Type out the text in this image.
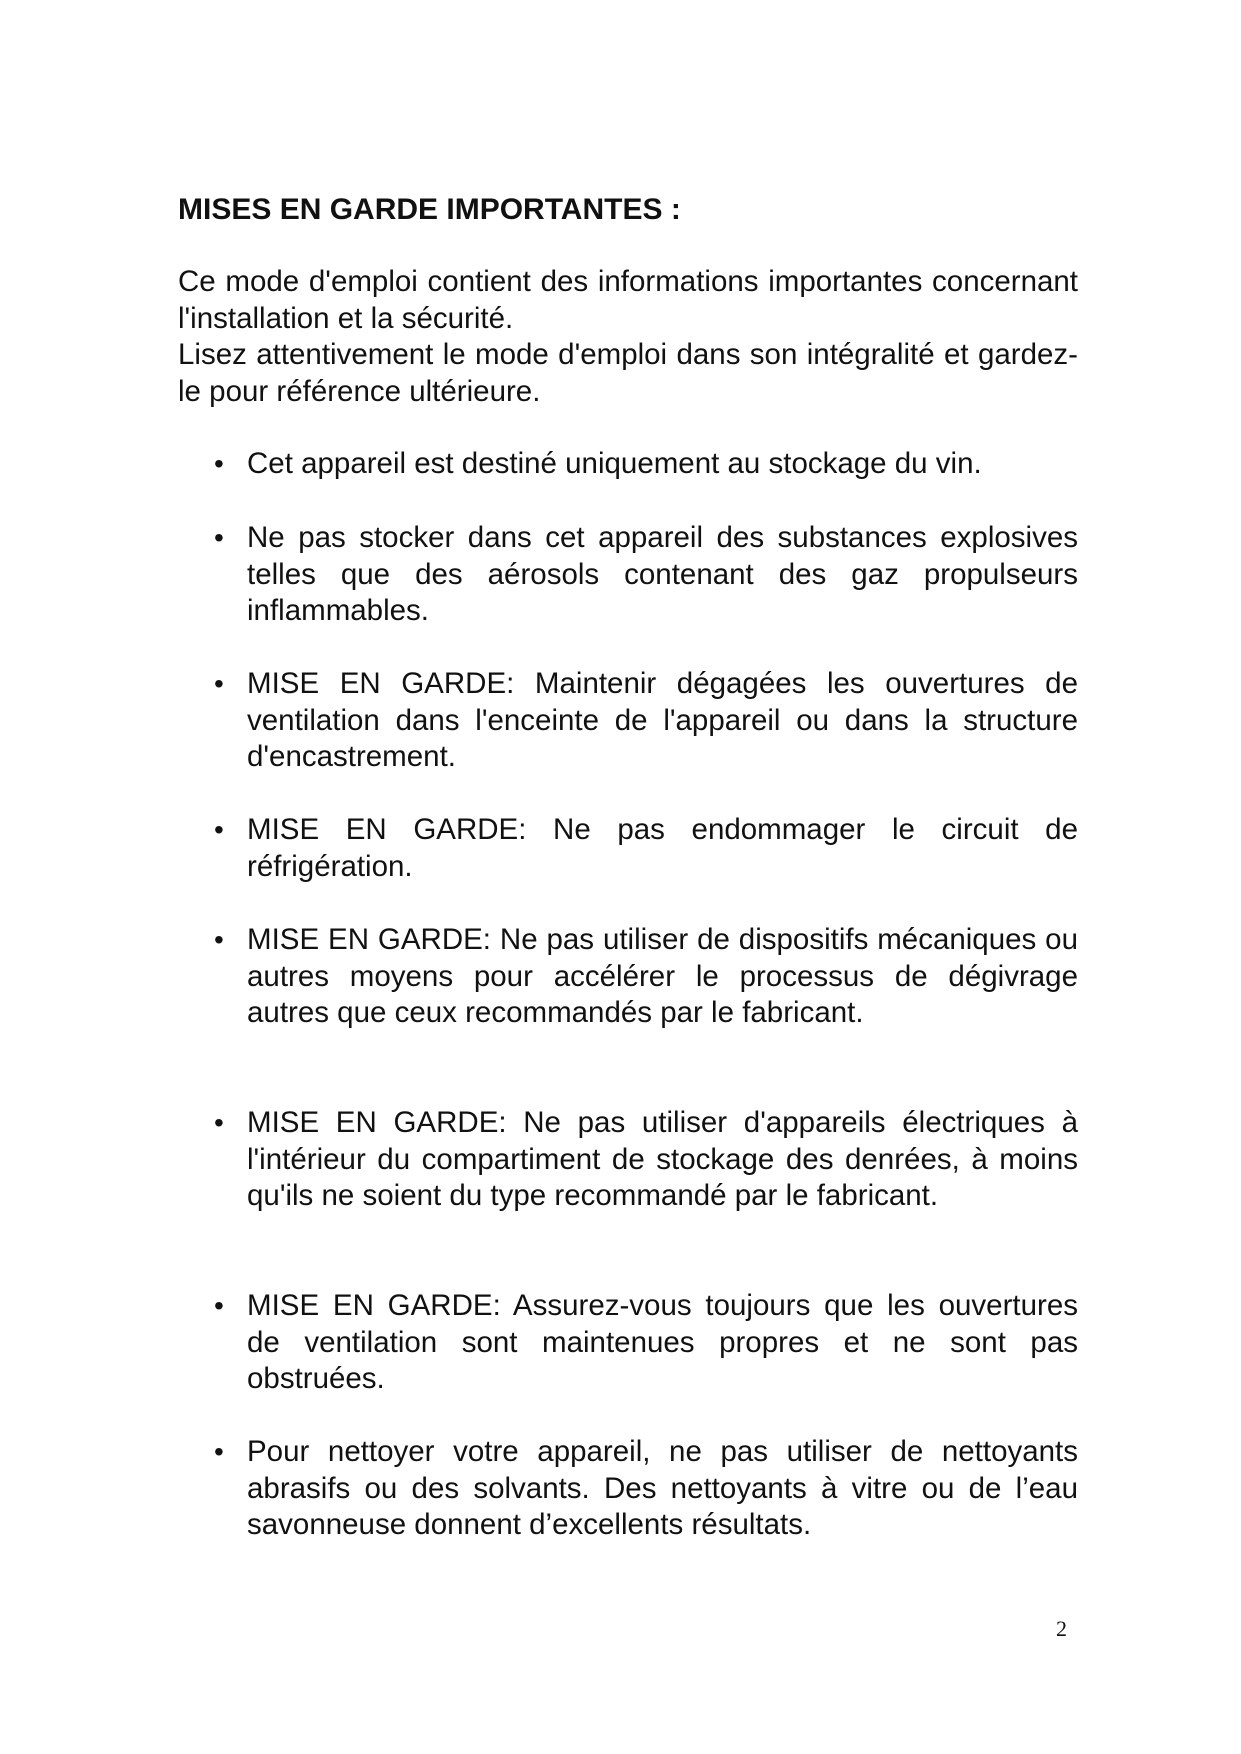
MISES EN GARDE IMPORTANTES :

Ce mode d'emploi contient des informations importantes concernant l'installation et la sécurité.

Lisez attentivement le mode d'emploi dans son intégralité et gardez-le pour référence ultérieure.

• Cet appareil est destiné uniquement au stockage du vin.
• Ne pas stocker dans cet appareil des substances explosives telles que des aérosols contenant des gaz propulseurs inflammables.
• MISE EN GARDE: Maintenir dégagées les ouvertures de ventilation dans l'enceinte de l'appareil ou dans la structure d'encastrement.
• MISE EN GARDE: Ne pas endommager le circuit de réfrigération.
• MISE EN GARDE: Ne pas utiliser de dispositifs mécaniques ou autres moyens pour accélérer le processus de dégivrage autres que ceux recommandés par le fabricant.
• MISE EN GARDE: Ne pas utiliser d'appareils électriques à l'intérieur du compartiment de stockage des denrées, à moins qu'ils ne soient du type recommandé par le fabricant.
• MISE EN GARDE: Assurez-vous toujours que les ouvertures de ventilation sont maintenues propres et ne sont pas obstruées.
• Pour nettoyer votre appareil, ne pas utiliser de nettoyants abrasifs ou des solvants. Des nettoyants à vitre ou de l’eau savonneuse donnent d’excellents résultats.
2
